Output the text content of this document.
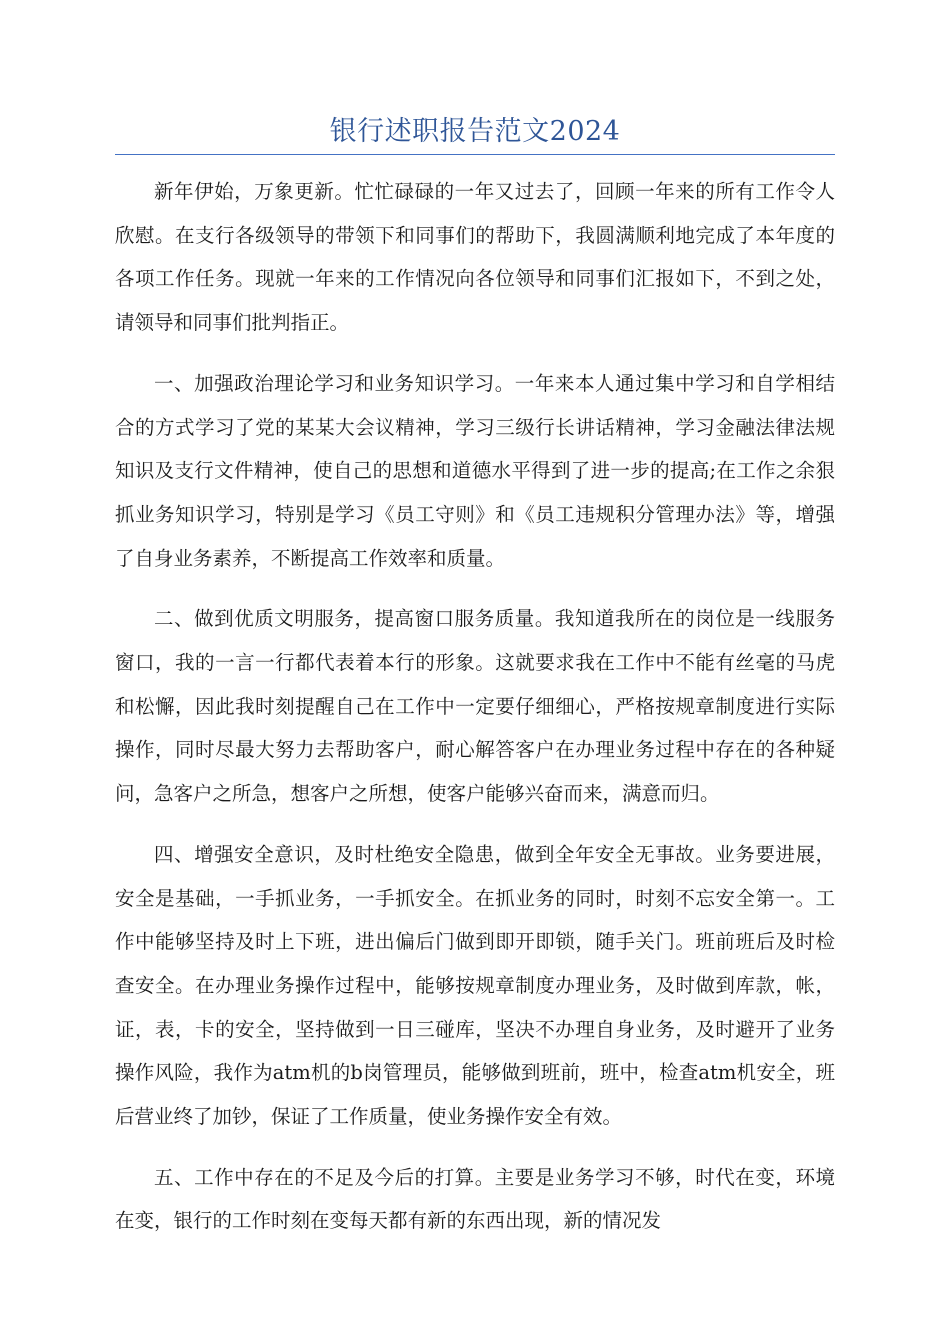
银行述职报告范文2024

新年伊始，万象更新。忙忙碌碌的一年又过去了，回顾一年来的所有工作令人欣慰。在支行各级领导的带领下和同事们的帮助下，我圆满顺利地完成了本年度的各项工作任务。现就一年来的工作情况向各位领导和同事们汇报如下，不到之处，请领导和同事们批判指正。

一、加强政治理论学习和业务知识学习。一年来本人通过集中学习和自学相结合的方式学习了党的某某大会议精神，学习三级行长讲话精神，学习金融法律法规知识及支行文件精神，使自己的思想和道德水平得到了进一步的提高;在工作之余狠抓业务知识学习，特别是学习《员工守则》和《员工违规积分管理办法》等，增强了自身业务素养，不断提高工作效率和质量。

二、做到优质文明服务，提高窗口服务质量。我知道我所在的岗位是一线服务窗口，我的一言一行都代表着本行的形象。这就要求我在工作中不能有丝毫的马虎和松懈，因此我时刻提醒自己在工作中一定要仔细细心，严格按规章制度进行实际操作，同时尽最大努力去帮助客户，耐心解答客户在办理业务过程中存在的各种疑问，急客户之所急，想客户之所想，使客户能够兴奋而来，满意而归。

四、增强安全意识，及时杜绝安全隐患，做到全年安全无事故。业务要进展，安全是基础，一手抓业务，一手抓安全。在抓业务的同时，时刻不忘安全第一。工作中能够坚持及时上下班，进出偏后门做到即开即锁，随手关门。班前班后及时检查安全。在办理业务操作过程中，能够按规章制度办理业务，及时做到库款，帐，证，表，卡的安全，坚持做到一日三碰库，坚决不办理自身业务，及时避开了业务操作风险，我作为atm机的b岗管理员，能够做到班前，班中，检查atm机安全，班后营业终了加钞，保证了工作质量，使业务操作安全有效。

五、工作中存在的不足及今后的打算。主要是业务学习不够，时代在变，环境在变，银行的工作时刻在变每天都有新的东西出现，新的情况发
